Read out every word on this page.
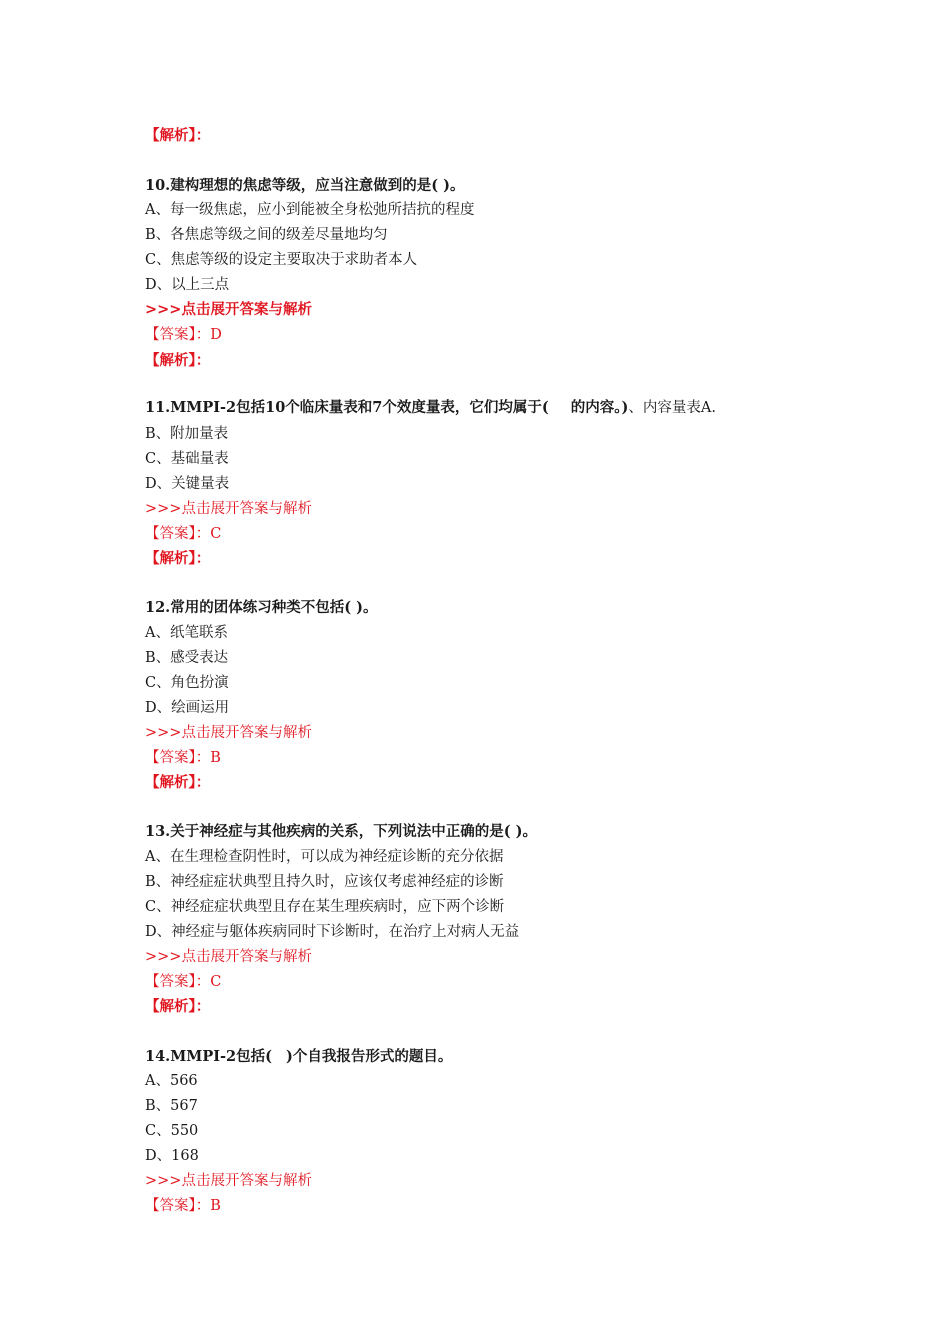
【解析】：
10.建构理想的焦虑等级，应当注意做到的是( )。
A、每一级焦虑，应小到能被全身松弛所拮抗的程度
B、各焦虑等级之间的级差尽量地均匀
C、焦虑等级的设定主要取决于求助者本人
D、以上三点
>>>点击展开答案与解析
【答案】：D
【解析】：
11.MMPI-2包括10个临床量表和7个效度量表，它们均属于( 的内容。)、内容量表A.
B、附加量表
C、基础量表
D、关键量表
>>>点击展开答案与解析
【答案】：C
【解析】：
12.常用的团体练习种类不包括( )。
A、纸笔联系
B、感受表达
C、角色扮演
D、绘画运用
>>>点击展开答案与解析
【答案】：B
【解析】：
13.关于神经症与其他疾病的关系，下列说法中正确的是( )。
A、在生理检查阴性时，可以成为神经症诊断的充分依据
B、神经症症状典型且持久时，应该仅考虑神经症的诊断
C、神经症症状典型且存在某生理疾病时，应下两个诊断
D、神经症与躯体疾病同时下诊断时，在治疗上对病人无益
>>>点击展开答案与解析
【答案】：C
【解析】：
14.MMPI-2包括( )个自我报告形式的题目。
A、566
B、567
C、550
D、168
>>>点击展开答案与解析
【答案】：B
